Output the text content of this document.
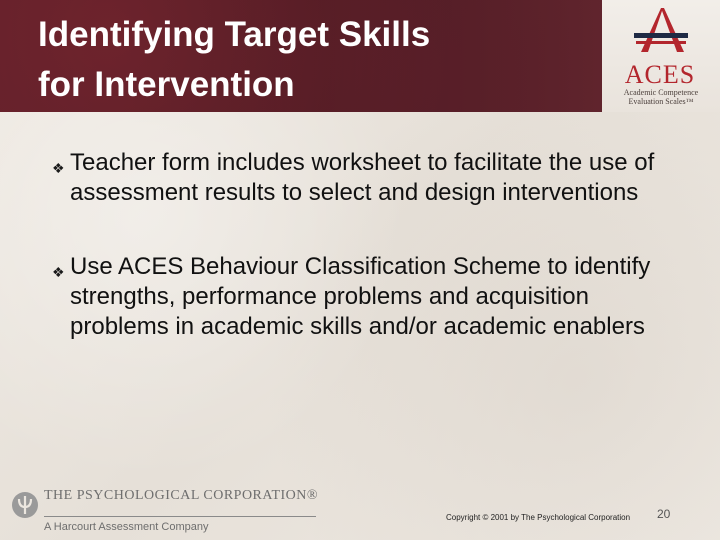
Identifying Target Skills
for Intervention	ACES
Academic Competence
Evaluation Scales™
❖ Teacher form includes worksheet to facilitate the use of assessment results to select and design interventions
❖ Use ACES Behaviour Classification Scheme to identify strengths, performance problems and acquisition problems in academic skills and/or academic enablers
THE PSYCHOLOGICAL CORPORATION®
A Harcourt Assessment Company
Copyright © 2001 by The Psychological Corporation 20
